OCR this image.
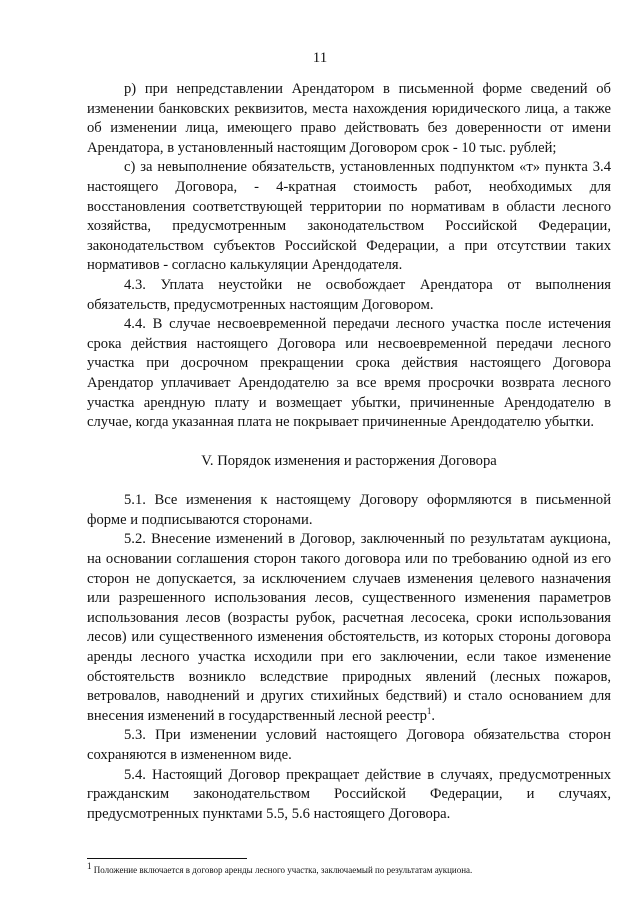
11

р) при непредставлении Арендатором в письменной форме сведений об изменении банковских реквизитов, места нахождения юридического лица, а также об изменении лица, имеющего право действовать без доверенности от имени Арендатора, в установленный настоящим Договором срок - 10 тыс. рублей;

с) за невыполнение обязательств, установленных подпунктом «т» пункта 3.4 настоящего Договора, - 4-кратная стоимость работ, необходимых для восстановления соответствующей территории по нормативам в области лесного хозяйства, предусмотренным законодательством Российской Федерации, законодательством субъектов Российской Федерации, а при отсутствии таких нормативов - согласно калькуляции Арендодателя.

4.3. Уплата неустойки не освобождает Арендатора от выполнения обязательств, предусмотренных настоящим Договором.

4.4. В случае несвоевременной передачи лесного участка после истечения срока действия настоящего Договора или несвоевременной передачи лесного участка при досрочном прекращении срока действия настоящего Договора Арендатор уплачивает Арендодателю за все время просрочки возврата лесного участка арендную плату и возмещает убытки, причиненные Арендодателю в случае, когда указанная плата не покрывает причиненные Арендодателю убытки.

V. Порядок изменения и расторжения Договора

5.1. Все изменения к настоящему Договору оформляются в письменной форме и подписываются сторонами.

5.2. Внесение изменений в Договор, заключенный по результатам аукциона, на основании соглашения сторон такого договора или по требованию одной из его сторон не допускается, за исключением случаев изменения целевого назначения или разрешенного использования лесов, существенного изменения параметров использования лесов (возрасты рубок, расчетная лесосека, сроки использования лесов) или существенного изменения обстоятельств, из которых стороны договора аренды лесного участка исходили при его заключении, если такое изменение обстоятельств возникло вследствие природных явлений (лесных пожаров, ветровалов, наводнений и других стихийных бедствий) и стало основанием для внесения изменений в государственный лесной реестр$^1$.

5.3. При изменении условий настоящего Договора обязательства сторон сохраняются в измененном виде.

5.4. Настоящий Договор прекращает действие в случаях, предусмотренных гражданским законодательством Российской Федерации, и случаях, предусмотренных пунктами 5.5, 5.6 настоящего Договора.

$^1$ Положение включается в договор аренды лесного участка, заключаемый по результатам аукциона.
